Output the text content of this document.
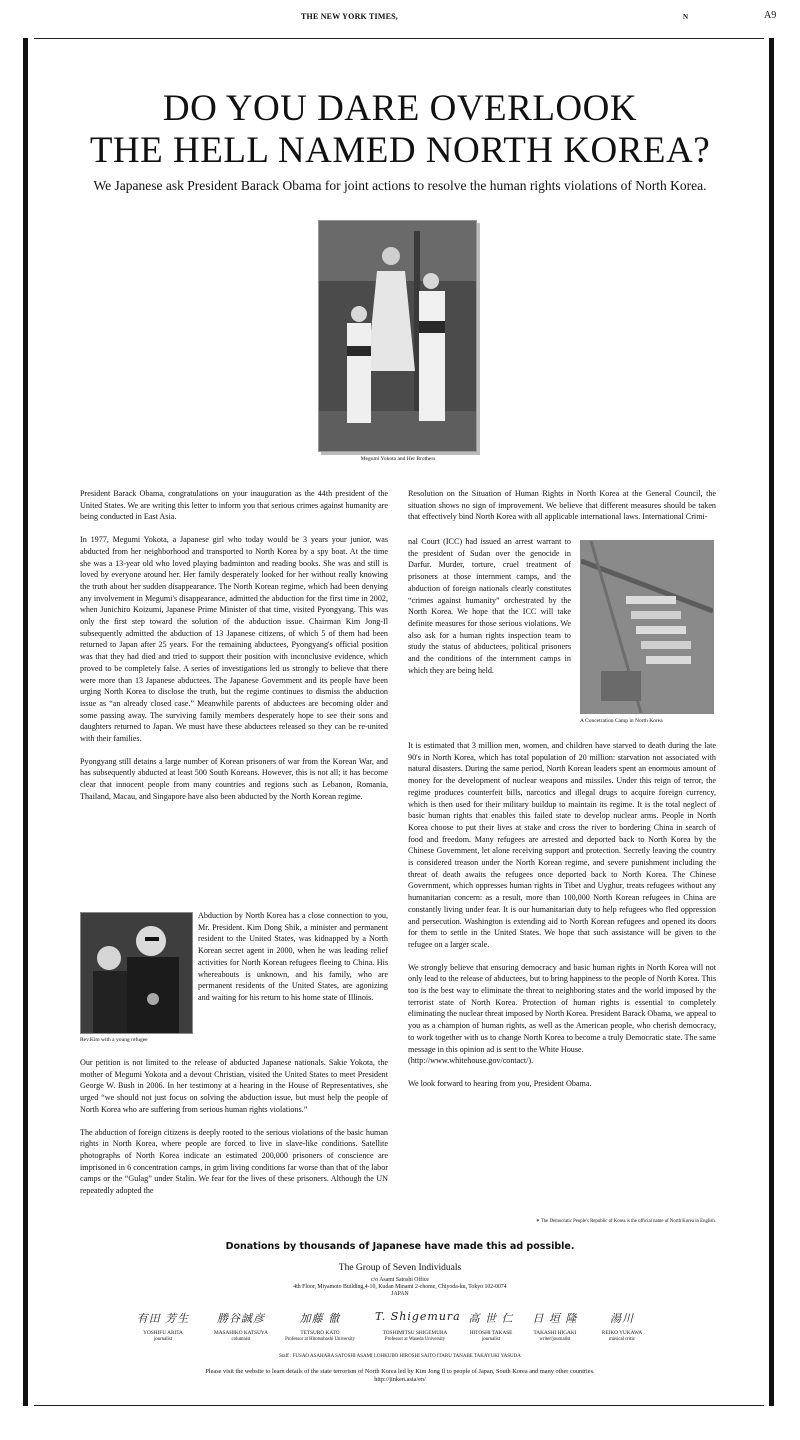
THE NEW YORK TIMES,	N	A9
DO YOU DARE OVERLOOK
THE HELL NAMED NORTH KOREA?

We Japanese ask President Barack Obama for joint actions to resolve the human rights violations of North Korea.

Megumi Yokota and Her Brothers

President Barack Obama, congratulations on your inauguration as the 44th president of the United States. We are writing this letter to inform you that serious crimes against humanity are being conducted in East Asia.

In 1977, Megumi Yokota, a Japanese girl who today would be 3 years your junior, was abducted from her neighborhood and transported to North Korea by a spy boat. At the time she was a 13-year old who loved playing badminton and reading books. She was and still is loved by everyone around her. Her family desperately looked for her without really knowing the truth about her sudden disappearance. The North Korean regime, which had been denying any involvement in Megumi's disappearance, admitted the abduction for the first time in 2002, when Junichiro Koizumi, Japanese Prime Minister of that time, visited Pyongyang. This was only the first step toward the solution of the abduction issue. Chairman Kim Jong-Il subsequently admitted the abduction of 13 Japanese citizens, of which 5 of them had been returned to Japan after 25 years. For the remaining abductees, Pyongyang's official position was that they had died and tried to support their position with inconclusive evidence, which proved to be completely false. A series of investigations led us strongly to believe that there were more than 13 Japanese abductees. The Japanese Government and its people have been urging North Korea to disclose the truth, but the regime continues to dismiss the abduction issue as “an already closed case.” Meanwhile parents of abductees are becoming older and some passing away. The surviving family members desperately hope to see their sons and daughters returned to Japan. We must have these abductees released so they can be re-united with their families.

Pyongyang still detains a large number of Korean prisoners of war from the Korean War, and has subsequently abducted at least 500 South Koreans. However, this is not all; it has become clear that innocent people from many countries and regions such as Lebanon, Romania, Thailand, Macau, and Singapore have also been abducted by the North Korean regime.

Abduction by North Korea has a close connection to you, Mr. President. Kim Dong Shik, a minister and permanent resident to the United States, was kidnapped by a North Korean secret agent in 2000, when he was leading relief activities for North Korean refugees fleeing to China. His whereabouts is unknown, and his family, who are permanent residents of the United States, are agonizing and waiting for his return to his home state of Illinois.

Rev.Kim with a young refugee

Our petition is not limited to the release of abducted Japanese nationals. Sakie Yokota, the mother of Megumi Yokota and a devout Christian, visited the United States to meet President George W. Bush in 2006. In her testimony at a hearing in the House of Representatives, she urged “we should not just focus on solving the abduction issue, but must help the people of North Korea who are suffering from serious human rights violations.”

The abduction of foreign citizens is deeply rooted to the serious violations of the basic human rights in North Korea, where people are forced to live in slave-like conditions. Satellite photographs of North Korea indicate an estimated 200,000 prisoners of conscience are imprisoned in 6 concentration camps, in grim living conditions far worse than that of the labor camps or the “Gulag” under Stalin. We fear for the lives of these prisoners. Although the UN repeatedly adopted the

Resolution on the Situation of Human Rights in North Korea at the General Council, the situation shows no sign of improvement. We believe that different measures should be taken that effectively bind North Korea with all applicable international laws. International Crimi-

nal Court (ICC) had issued an arrest warrant to the president of Sudan over the genocide in Darfur. Murder, torture, cruel treatment of prisoners at those internment camps, and the abduction of foreign nationals clearly constitutes “crimes against humanity” orchestrated by the North Korea. We hope that the ICC will take definite measures for those serious violations. We also ask for a human rights inspection team to study the status of abductees, political prisoners and the conditions of the internment camps in which they are being held.

A Concetration Camp in North Korea

It is estimated that 3 million men, women, and children have starved to death during the late 90's in North Korea, which has total population of 20 million: starvation not associated with natural disasters. During the same period, North Korean leaders spent an enormous amount of money for the development of nuclear weapons and missiles. Under this reign of terror, the regime produces counterfeit bills, narcotics and illegal drugs to acquire foreign currency, which is then used for their military buildup to maintain its regime. It is the total neglect of basic human rights that enables this failed state to develop nuclear arms. People in North Korea choose to put their lives at stake and cross the river to bordering China in search of food and freedom. Many refugees are arrested and deported back to North Korea by the Chinese Government, let alone receiving support and protection. Secretly leaving the country is considered treason under the North Korean regime, and severe punishment including the threat of death awaits the refugees once deported back to North Korea. The Chinese Government, which oppresses human rights in Tibet and Uyghur, treats refugees without any humanitarian concern: as a result, more than 100,000 North Korean refugees in China are constantly living under fear. It is our humanitarian duty to help refugees who fled oppression and persecution. Washington is extending aid to North Korean refugees and opened its doors for them to settle in the United States. We hope that such assistance will be given to the refugee on a larger scale.

We strongly believe that ensuring democracy and basic human rights in North Korea will not only lead to the release of abductees, but to bring happiness to the people of North Korea. This too is the best way to eliminate the threat to neighboring states and the world imposed by the terrorist state of North Korea. Protection of human rights is essential to completely eliminating the nuclear threat imposed by North Korea. President Barack Obama, we appeal to you as a champion of human rights, as well as the American people, who cherish democracy, to work together with us to change North Korea to become a truly Democratic state. The same message in this opinion ad is sent to the White House.

(http://www.whitehouse.gov/contact/).

We look forward to hearing from you, President Obama.

✶ The Democratic People's Republic of Korea is the official name of North Korea in English.

Donations by thousands of Japanese have made this ad possible.

The Group of Seven Individuals

c/o Asami Satoshi Office
4th Floor, Miyamoto Building,4-10, Kudan Minami 2-chome, Chiyoda-ku, Tokyo 102-0074
JAPAN
有田 芳生
YOSHIFU ARITA
journalist
勝谷誠彦
MASAHIKO KATSUYA
columnist
加藤 徹
TETSURO KATO
Professor at Hitotsubashi University
T. Shigemura
TOSHIMITSU SHIGEMURA
Professor at Waseda University
高 世 仁
HITOSHI TAKASE
journalist
日 垣 隆
TAKASHI HIGAKI
writer/journalist
湯川
REIKO YUKAWA
musical critic
Staff : FUSAO ASAHARA SATOSHI ASAMI I.OHKUBO HIROSHI SAITO ITARU TANABE TAKAYUKI YASUDA
Please visit the website to learn details of the state terrorism of North Korea led by Kim Jong Il to people of Japan, South Korea and many other countries.
http://jinken.asia/en/
